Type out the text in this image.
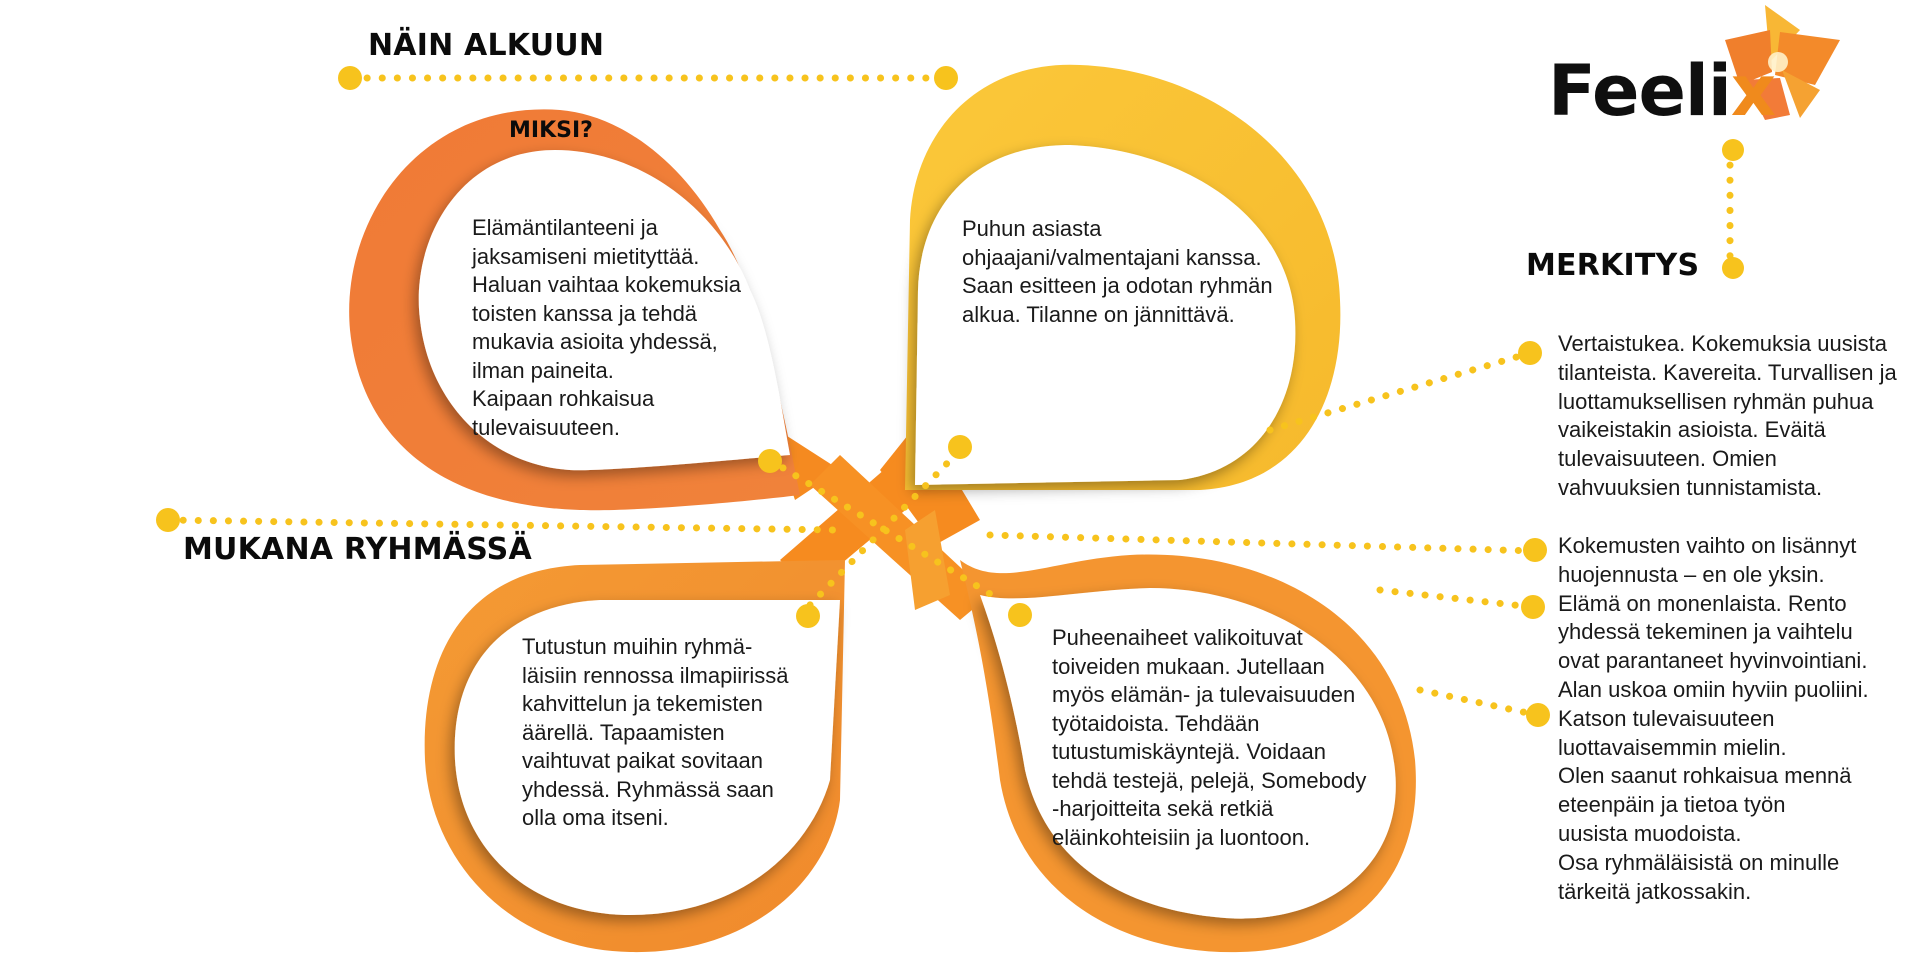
NÄIN ALKUUN
MUKANA RYHMÄSSÄ
MERKITYS
MIKSI?	Feelix
Elämäntilanteeni ja
jaksamiseni mietityttää.
Haluan vaihtaa kokemuksia
toisten kanssa ja tehdä
mukavia asioita yhdessä,
ilman paineita.
Kaipaan rohkaisua
tulevaisuuteen.
Puhun asiasta
ohjaajani/valmentajani kanssa.
Saan esitteen ja odotan ryhmän
alkua. Tilanne on jännittävä.
Tutustun muihin ryhmä-
läisiin rennossa ilmapiirissä
kahvittelun ja tekemisten
äärellä. Tapaamisten
vaihtuvat paikat sovitaan
yhdessä. Ryhmässä saan
olla oma itseni.
Puheenaiheet valikoituvat
toiveiden mukaan. Jutellaan
myös elämän- ja tulevaisuuden
työtaidoista. Tehdään
tutustumiskäyntejä. Voidaan
tehdä testejä, pelejä, Somebody
-harjoitteita sekä retkiä
eläinkohteisiin ja luontoon.
Vertaistukea. Kokemuksia uusista
tilanteista. Kavereita. Turvallisen ja
luottamuksellisen ryhmän puhua
vaikeistakin asioista. Eväitä
tulevaisuuteen. Omien
vahvuuksien tunnistamista.
Kokemusten vaihto on lisännyt
huojennusta – en ole yksin.
Elämä on monenlaista. Rento
yhdessä tekeminen ja vaihtelu
ovat parantaneet hyvinvointiani.
Alan uskoa omiin hyviin puoliini.
Katson tulevaisuuteen
luottavaisemmin mielin.
Olen saanut rohkaisua mennä
eteenpäin ja tietoa työn
uusista muodoista.
Osa ryhmäläisistä on minulle
tärkeitä jatkossakin.
